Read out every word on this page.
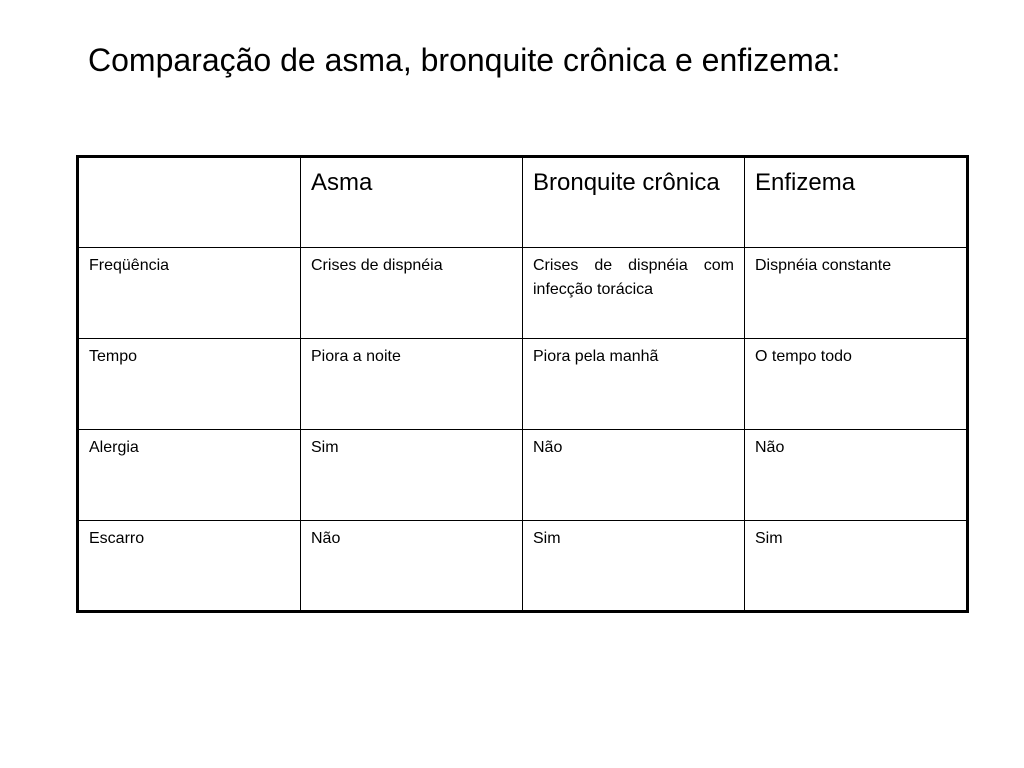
Comparação de asma, bronquite crônica e enfizema:
	Asma	Bronquite crônica	Enfizema
Freqüência	Crises de dispnéia	Crises de dispnéia com infecção torácica	Dispnéia constante
Tempo	Piora a noite	Piora pela manhã	O tempo todo
Alergia	Sim	Não	Não
Escarro	Não	Sim	Sim
